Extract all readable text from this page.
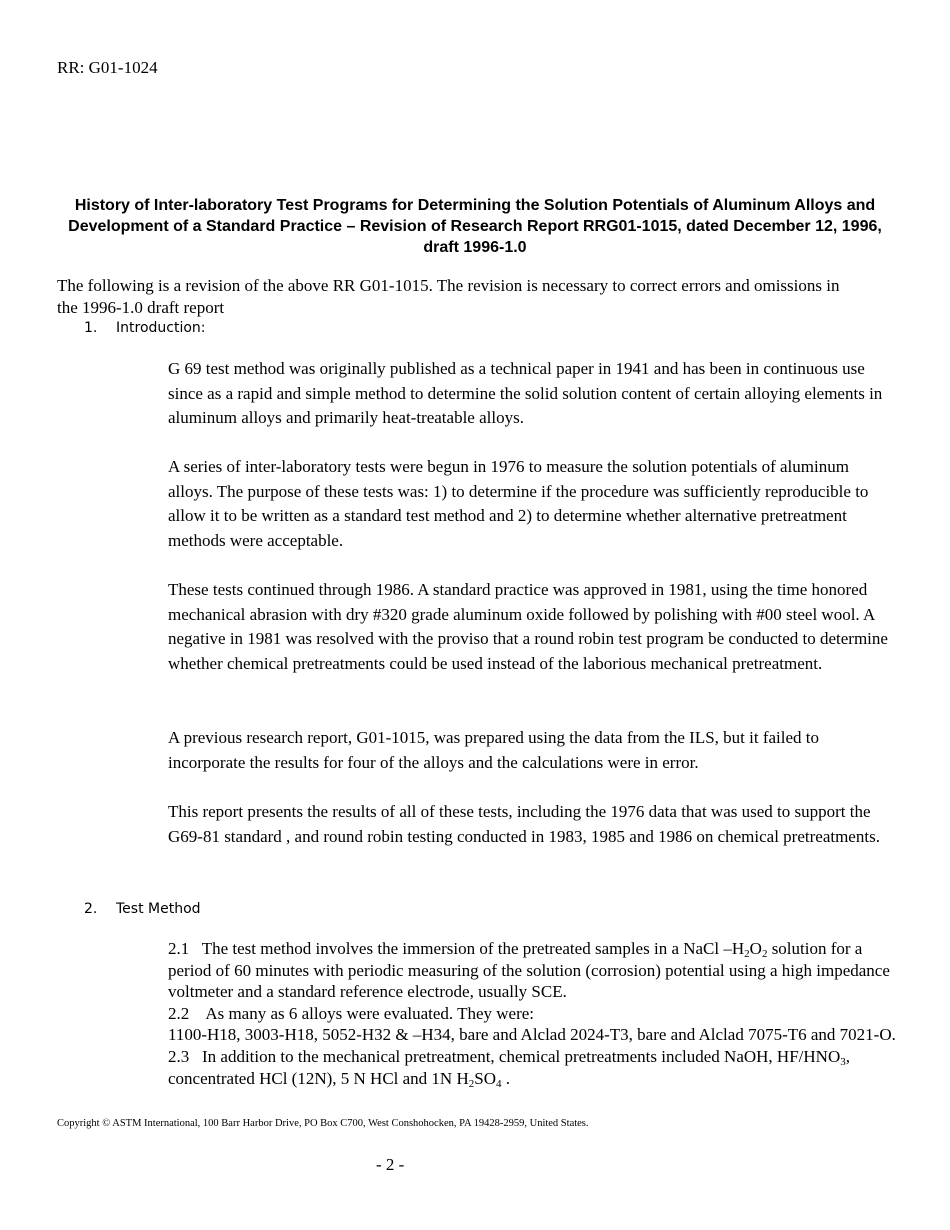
RR: G01-1024
History of Inter-laboratory Test Programs for Determining the Solution Potentials of Aluminum Alloys and Development of a Standard Practice – Revision of Research Report RRG01-1015, dated December 12, 1996, draft 1996-1.0
The following is a revision of the above RR G01-1015. The revision is necessary to correct errors and omissions in the 1996-1.0 draft report
1. Introduction:
G 69 test method was originally published as a technical paper in 1941 and has been in continuous use since as a rapid and simple method to determine the solid solution content of certain alloying elements in aluminum alloys and primarily heat-treatable alloys.
A series of inter-laboratory tests were begun in 1976 to measure the solution potentials of aluminum alloys. The purpose of these tests was: 1) to determine if the procedure was sufficiently reproducible to allow it to be written as a standard test method and 2) to determine whether alternative pretreatment methods were acceptable.
These tests continued through 1986. A standard practice was approved in 1981, using the time honored mechanical abrasion with dry #320 grade aluminum oxide followed by polishing with #00 steel wool. A negative in 1981 was resolved with the proviso that a round robin test program be conducted to determine whether chemical pretreatments could be used instead of the laborious mechanical pretreatment.
A previous research report, G01-1015, was prepared using the data from the ILS, but it failed to incorporate the results for four of the alloys and the calculations were in error.
This report presents the results of all of these tests, including the 1976 data that was used to support the G69-81 standard , and round robin testing conducted in 1983, 1985 and 1986 on chemical pretreatments.
2. Test Method

2.1 The test method involves the immersion of the pretreated samples in a NaCl $-H_2O_2$ solution for a period of 60 minutes with periodic measuring of the solution (corrosion) potential using a high impedance voltmeter and a standard reference electrode, usually SCE.

2.2 As many as 6 alloys were evaluated. They were:

1100-H18, 3003-H18, 5052-H32 & –H34, bare and Alclad 2024-T3, bare and Alclad 7075-T6 and 7021-O.

2.3 In addition to the mechanical pretreatment, chemical pretreatments included NaOH, $HF/HNO_3$, concentrated HCl (12N), 5 N HCl and 1N $H_2SO_4$ .

Copyright © ASTM International, 100 Barr Harbor Drive, PO Box C700, West Conshohocken, PA 19428-2959, United States.
- 2 -
